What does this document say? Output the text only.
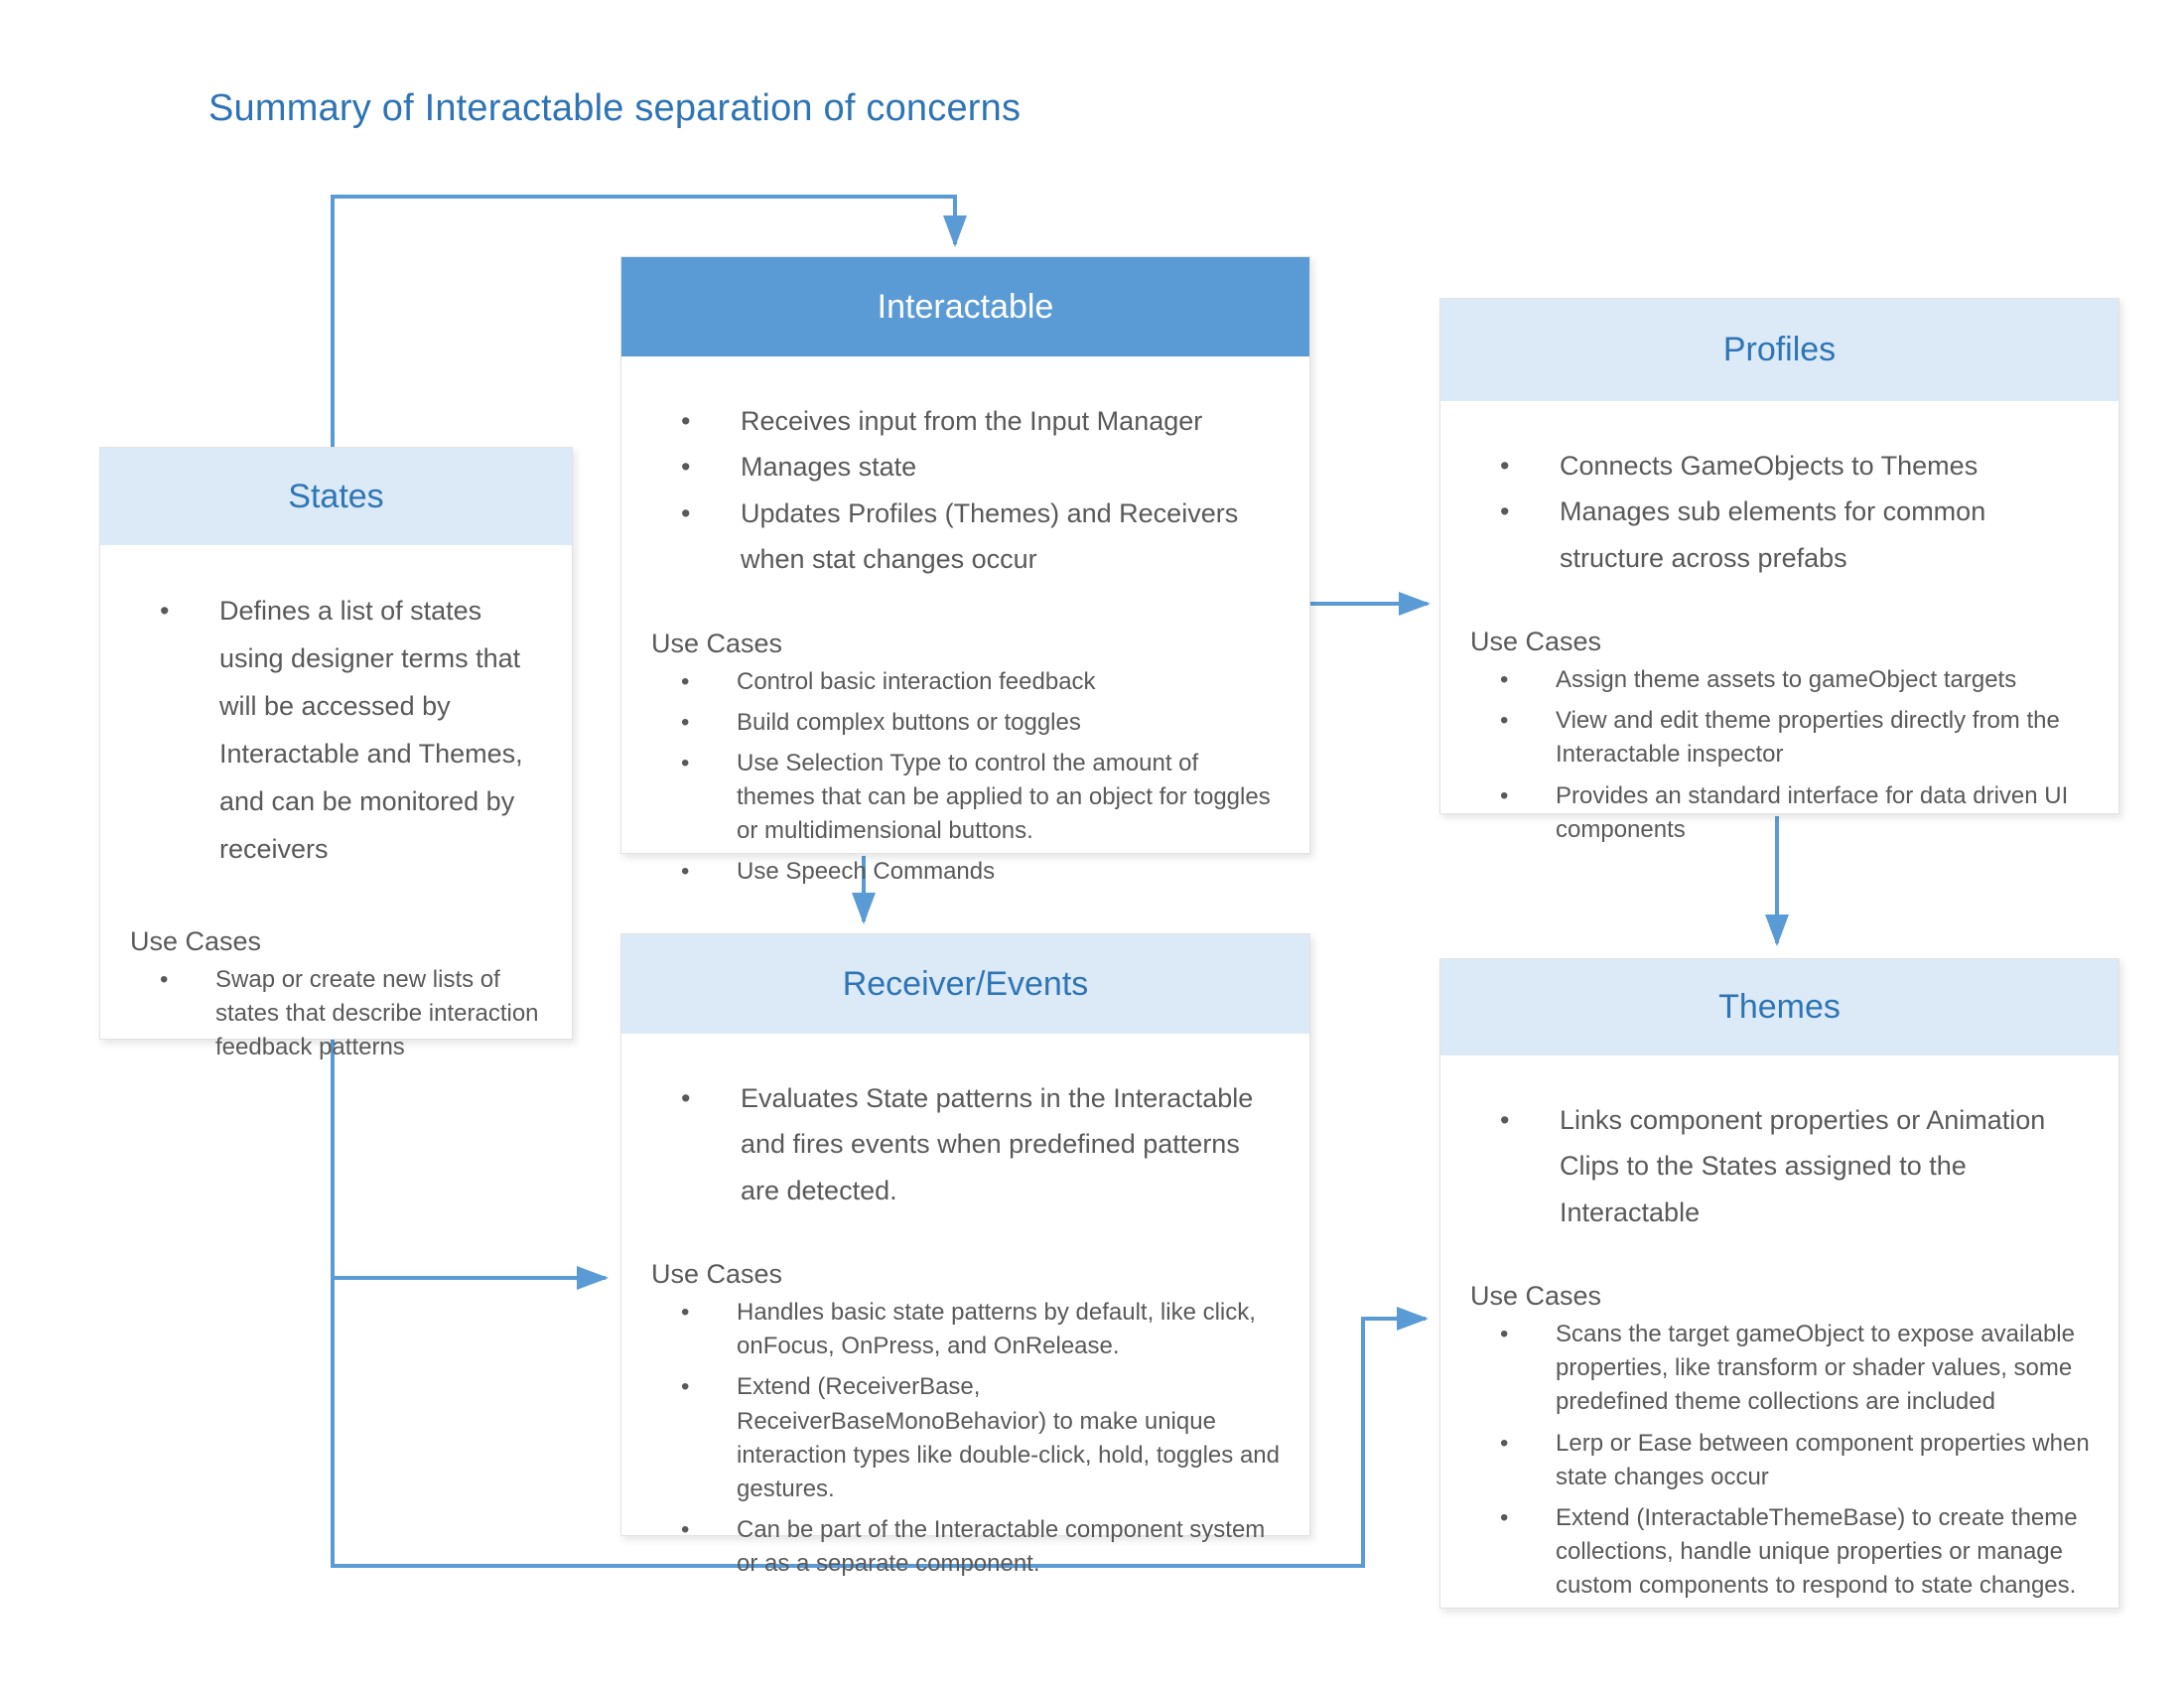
Summary of Interactable separation of concerns
Interactable
• Receives input from the Input Manager
• Manages state
• Updates Profiles (Themes) and Receivers when stat changes occur
Use Cases
• Control basic interaction feedback
• Build complex buttons or toggles
• Use Selection Type to control the amount of themes that can be applied to an object for toggles or multidimensional buttons.
• Use Speech Commands
States
• Defines a list of states using designer terms that will be accessed by Interactable and Themes, and can be monitored by receivers
Use Cases
• Swap or create new lists of states that describe interaction feedback patterns
Receiver/Events
• Evaluates State patterns in the Interactable and fires events when predefined patterns are detected.
Use Cases
• Handles basic state patterns by default, like click, onFocus, OnPress, and OnRelease.
• Extend (ReceiverBase, ReceiverBaseMonoBehavior) to make unique interaction types like double-click, hold, toggles and gestures.
• Can be part of the Interactable component system or as a separate component.
Profiles
• Connects GameObjects to Themes
• Manages sub elements for common structure across prefabs
Use Cases
• Assign theme assets to gameObject targets
• View and edit theme properties directly from the Interactable inspector
• Provides an standard interface for data driven UI components
Themes
• Links component properties or Animation Clips to the States assigned to the Interactable
Use Cases
• Scans the target gameObject to expose available properties, like transform or shader values, some predefined theme collections are included
• Lerp or Ease between component properties when state changes occur
• Extend (InteractableThemeBase) to create theme collections, handle unique properties or manage custom components to respond to state changes.
